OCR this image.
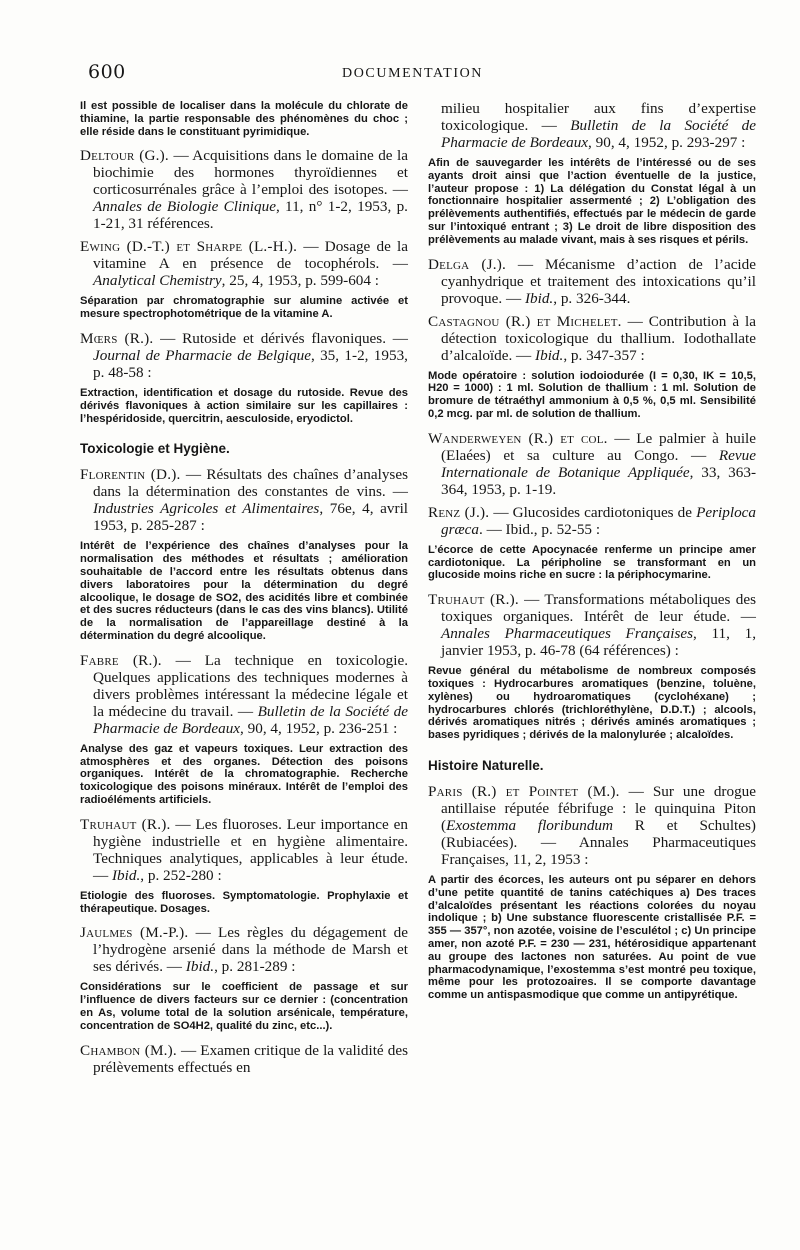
600	DOCUMENTATION

Il est possible de localiser dans la molécule du chlorate de thiamine, la partie responsable des phénomènes du choc ; elle réside dans le constituant pyrimidique.

Deltour (G.). — Acquisitions dans le domaine de la biochimie des hormones thyroïdiennes et corticosurrénales grâce à l’emploi des isotopes. — Annales de Biologie Clinique, 11, n° 1-2, 1953, p. 1-21, 31 références.

Ewing (D.-T.) et Sharpe (L.-H.). — Dosage de la vitamine A en présence de tocophérols. — Analytical Chemistry, 25, 4, 1953, p. 599-604 :

Séparation par chromatographie sur alumine activée et mesure spectrophotométrique de la vitamine A.

Mœrs (R.). — Rutoside et dérivés flavoniques. — Journal de Pharmacie de Belgique, 35, 1-2, 1953, p. 48-58 :

Extraction, identification et dosage du rutoside. Revue des dérivés flavoniques à action similaire sur les capillaires : l’hespéridoside, quercitrin, aesculoside, eryodictol.

Toxicologie et Hygiène.

Florentin (D.). — Résultats des chaînes d’analyses dans la détermination des constantes de vins. — Industries Agricoles et Alimentaires, 76e, 4, avril 1953, p. 285-287 :

Intérêt de l’expérience des chaînes d’analyses pour la normalisation des méthodes et résultats ; amélioration souhaitable de l’accord entre les résultats obtenus dans divers laboratoires pour la détermination du degré alcoolique, le dosage de SO2, des acidités libre et combinée et des sucres réducteurs (dans le cas des vins blancs). Utilité de la normalisation de l’appareillage destiné à la détermination du degré alcoolique.

Fabre (R.). — La technique en toxicologie. Quelques applications des techniques modernes à divers problèmes intéressant la médecine légale et la médecine du travail. — Bulletin de la Société de Pharmacie de Bordeaux, 90, 4, 1952, p. 236-251 :

Analyse des gaz et vapeurs toxiques. Leur extraction des atmosphères et des organes. Détection des poisons organiques. Intérêt de la chromatographie. Recherche toxicologique des poisons minéraux. Intérêt de l’emploi des radioéléments artificiels.

Truhaut (R.). — Les fluoroses. Leur importance en hygiène industrielle et en hygiène alimentaire. Techniques analytiques, applicables à leur étude. — Ibid., p. 252-280 :

Etiologie des fluoroses. Symptomatologie. Prophylaxie et thérapeutique. Dosages.

Jaulmes (M.-P.). — Les règles du dégagement de l’hydrogène arsenié dans la méthode de Marsh et ses dérivés. — Ibid., p. 281-289 :

Considérations sur le coefficient de passage et sur l’influence de divers facteurs sur ce dernier : (concentration en As, volume total de la solution arsénicale, température, concentration de SO4H2, qualité du zinc, etc...).

Chambon (M.). — Examen critique de la validité des prélèvements effectués en

milieu hospitalier aux fins d’expertise toxicologique. — Bulletin de la Société de Pharmacie de Bordeaux, 90, 4, 1952, p. 293-297 :

Afin de sauvegarder les intérêts de l’intéressé ou de ses ayants droit ainsi que l’action éventuelle de la justice, l’auteur propose : 1) La délégation du Constat légal à un fonctionnaire hospitalier assermenté ; 2) L’obligation des prélèvements authentifiés, effectués par le médecin de garde sur l’intoxiqué entrant ; 3) Le droit de libre disposition des prélèvements au malade vivant, mais à ses risques et périls.

Delga (J.). — Mécanisme d’action de l’acide cyanhydrique et traitement des intoxications qu’il provoque. — Ibid., p. 326-344.

Castagnou (R.) et Michelet. — Contribution à la détection toxicologique du thallium. Iodothallate d’alcaloïde. — Ibid., p. 347-357 :

Mode opératoire : solution iodoiodurée (I = 0,30, IK = 10,5, H20 = 1000) : 1 ml. Solution de thallium : 1 ml. Solution de bromure de tétraéthyl ammonium à 0,5 %, 0,5 ml. Sensibilité 0,2 mcg. par ml. de solution de thallium.

Wanderweyen (R.) et col. — Le palmier à huile (Elaées) et sa culture au Congo. — Revue Internationale de Botanique Appliquée, 33, 363-364, 1953, p. 1-19.

Renz (J.). — Glucosides cardiotoniques de Periploca græca. — Ibid., p. 52-55 :

L’écorce de cette Apocynacée renferme un principe amer cardiotonique. La péripholine se transformant en un glucoside moins riche en sucre : la périphocymarine.

Truhaut (R.). — Transformations métaboliques des toxiques organiques. Intérêt de leur étude. — Annales Pharmaceutiques Françaises, 11, 1, janvier 1953, p. 46-78 (64 références) :

Revue général du métabolisme de nombreux composés toxiques : Hydrocarbures aromatiques (benzine, toluène, xylènes) ou hydroaromatiques (cyclohéxane) ; hydrocarbures chlorés (trichloréthylène, D.D.T.) ; alcools, dérivés aromatiques nitrés ; dérivés aminés aromatiques ; bases pyridiques ; dérivés de la malonylurée ; alcaloïdes.

Histoire Naturelle.

Paris (R.) et Pointet (M.). — Sur une drogue antillaise réputée fébrifuge : le quinquina Piton (Exostemma floribundum R et Schultes) (Rubiacées). — Annales Pharmaceutiques Françaises, 11, 2, 1953 :

A partir des écorces, les auteurs ont pu séparer en dehors d’une petite quantité de tanins catéchiques a) Des traces d’alcaloïdes présentant les réactions colorées du noyau indolique ; b) Une substance fluorescente cristallisée P.F. = 355 — 357°, non azotée, voisine de l’esculétol ; c) Un principe amer, non azoté P.F. = 230 — 231, hétérosidique appartenant au groupe des lactones non saturées. Au point de vue pharmacodynamique, l’exostemma s’est montré peu toxique, même pour les protozoaires. Il se comporte davantage comme un antispasmodique que comme un antipyrétique.
